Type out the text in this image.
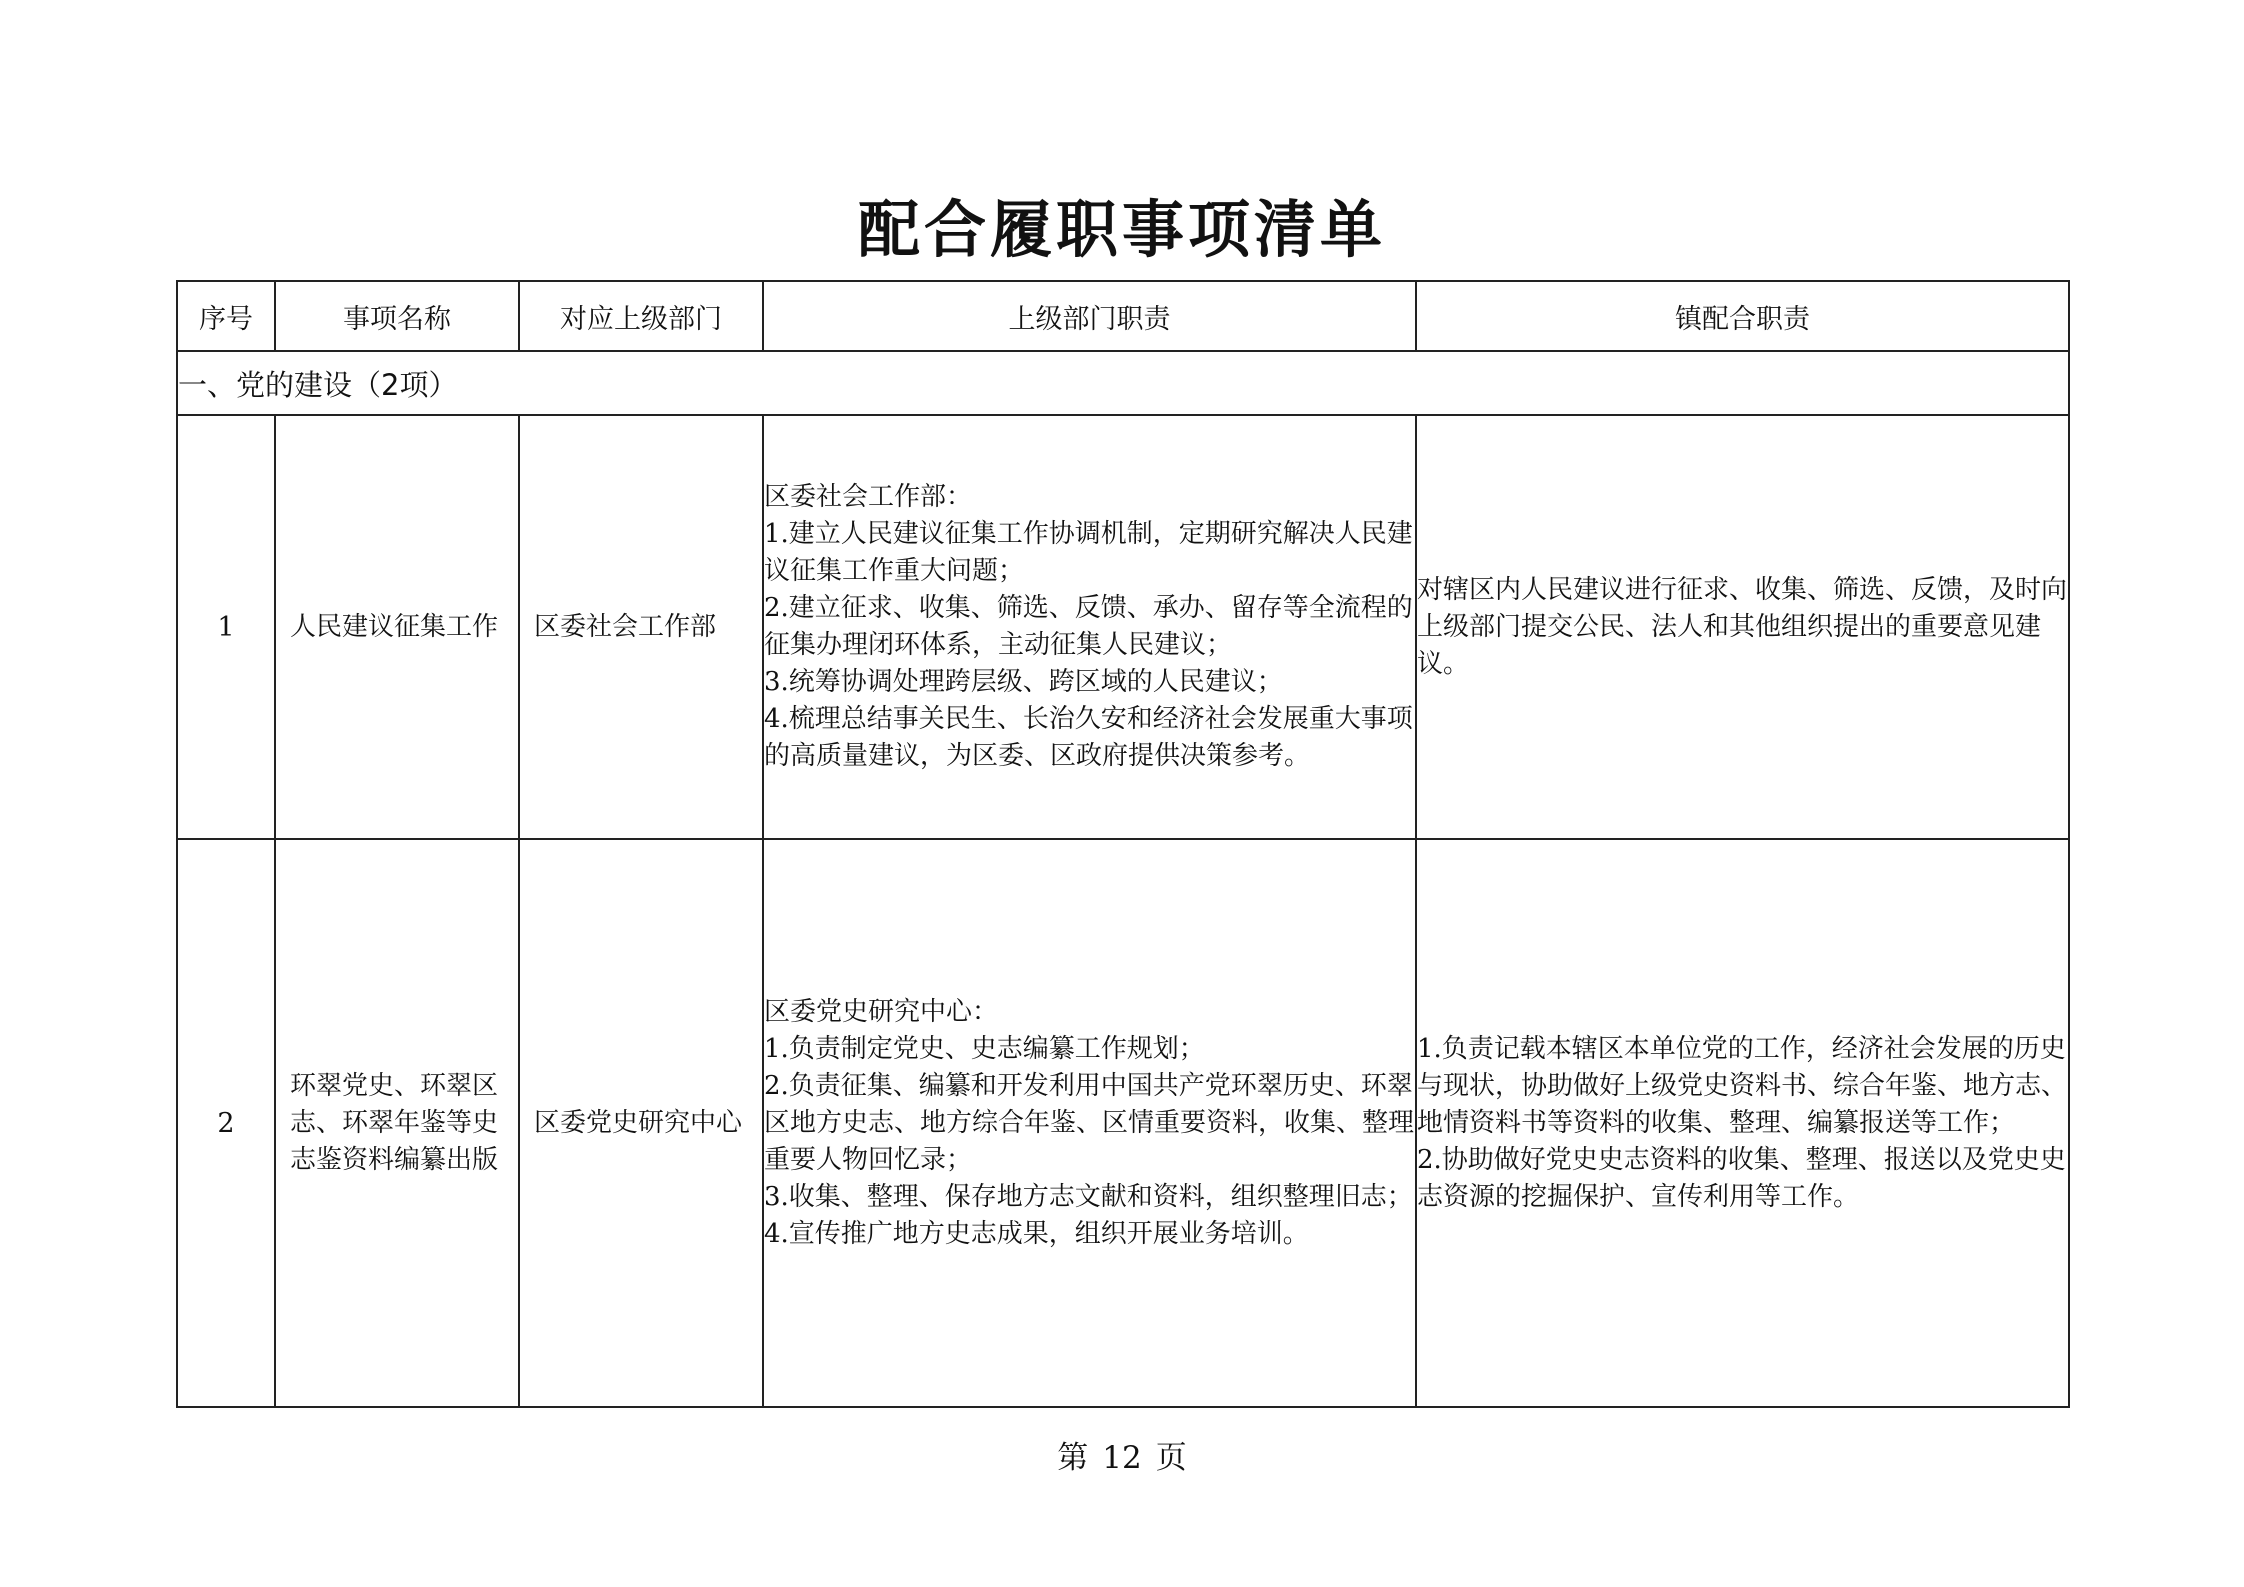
配合履职事项清单
序号	事项名称	对应上级部门	上级部门职责	镇配合职责
一、党的建设（2项）				
1	人民建议征集工作	区委社会工作部	区委社会工作部：
1.建立人民建议征集工作协调机制，定期研究解决人民建议征集工作重大问题；
2.建立征求、收集、筛选、反馈、承办、留存等全流程的征集办理闭环体系，主动征集人民建议；
3.统筹协调处理跨层级、跨区域的人民建议；
4.梳理总结事关民生、长治久安和经济社会发展重大事项的高质量建议，为区委、区政府提供决策参考。	对辖区内人民建议进行征求、收集、筛选、反馈，及时向上级部门提交公民、法人和其他组织提出的重要意见建议。

2	环翠党史、环翠区志、环翠年鉴等史志鉴资料编纂出版	区委党史研究中心	区委党史研究中心：
1.负责制定党史、史志编纂工作规划；
2.负责征集、编纂和开发利用中国共产党环翠历史、环翠区地方史志、地方综合年鉴、区情重要资料，收集、整理重要人物回忆录；
3.收集、整理、保存地方志文献和资料，组织整理旧志；
4.宣传推广地方史志成果，组织开展业务培训。	1.负责记载本辖区本单位党的工作，经济社会发展的历史与现状，协助做好上级党史资料书、综合年鉴、地方志、地情资料书等资料的收集、整理、编纂报送等工作；
2.协助做好党史史志资料的收集、整理、报送以及党史史志资源的挖掘保护、宣传利用等工作。
第 12 页
